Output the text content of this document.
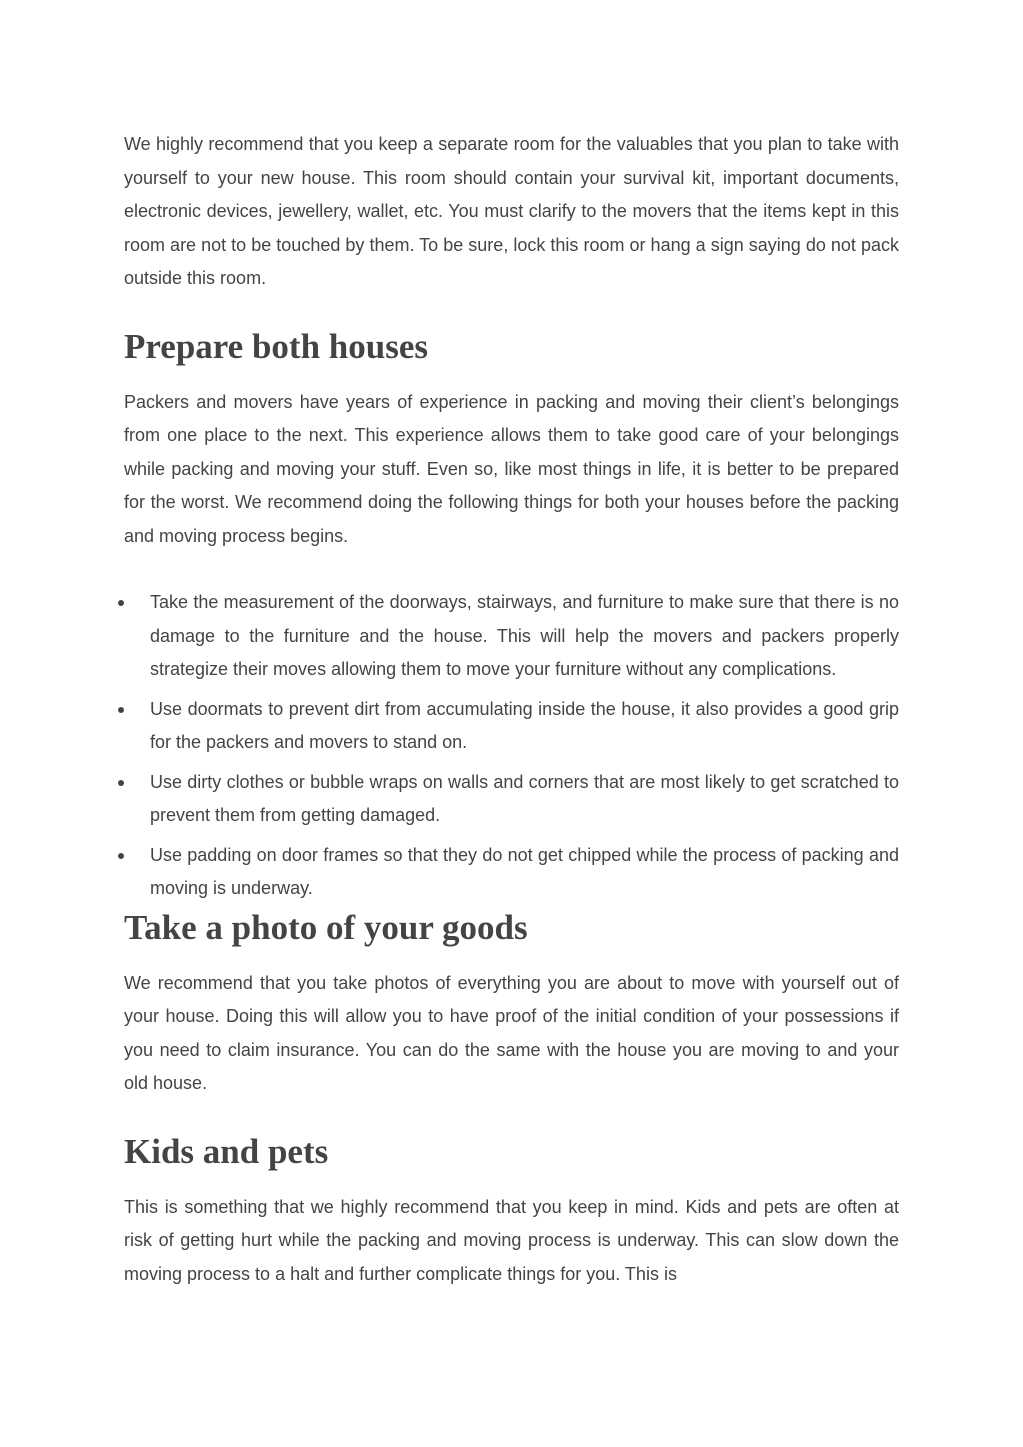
We highly recommend that you keep a separate room for the valuables that you plan to take with yourself to your new house. This room should contain your survival kit, important documents, electronic devices, jewellery, wallet, etc. You must clarify to the movers that the items kept in this room are not to be touched by them. To be sure, lock this room or hang a sign saying do not pack outside this room.

Prepare both houses

Packers and movers have years of experience in packing and moving their client’s belongings from one place to the next. This experience allows them to take good care of your belongings while packing and moving your stuff. Even so, like most things in life, it is better to be prepared for the worst. We recommend doing the following things for both your houses before the packing and moving process begins.

Take the measurement of the doorways, stairways, and furniture to make sure that there is no damage to the furniture and the house. This will help the movers and packers properly strategize their moves allowing them to move your furniture without any complications.
Use doormats to prevent dirt from accumulating inside the house, it also provides a good grip for the packers and movers to stand on.
Use dirty clothes or bubble wraps on walls and corners that are most likely to get scratched to prevent them from getting damaged.
Use padding on door frames so that they do not get chipped while the process of packing and moving is underway.
Take a photo of your goods

We recommend that you take photos of everything you are about to move with yourself out of your house. Doing this will allow you to have proof of the initial condition of your possessions if you need to claim insurance. You can do the same with the house you are moving to and your old house.

Kids and pets

This is something that we highly recommend that you keep in mind. Kids and pets are often at risk of getting hurt while the packing and moving process is underway. This can slow down the moving process to a halt and further complicate things for you. This is
